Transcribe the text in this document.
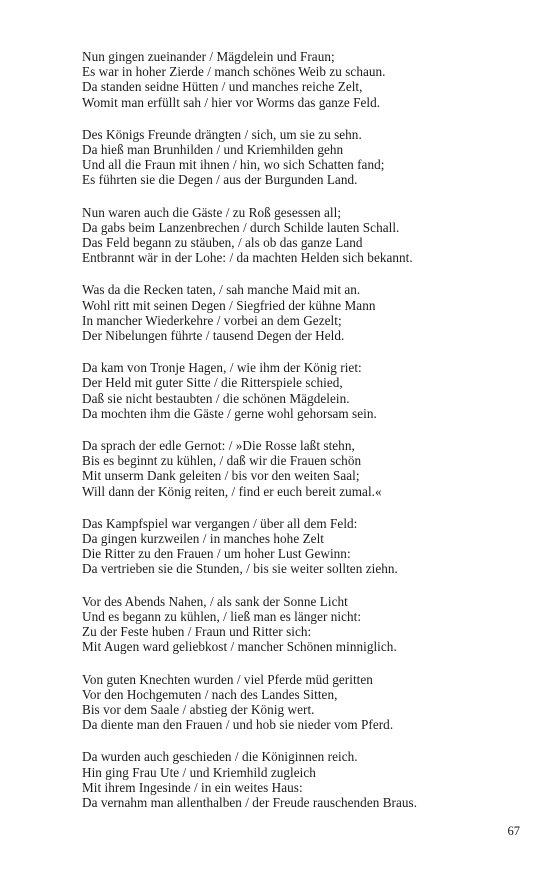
Nun gingen zueinander / Mägdelein und Fraun;
Es war in hoher Zierde / manch schönes Weib zu schaun.
Da standen seidne Hütten / und manches reiche Zelt,
Womit man erfüllt sah / hier vor Worms das ganze Feld.
Des Königs Freunde drängten / sich, um sie zu sehn.
Da hieß man Brunhilden / und Kriemhilden gehn
Und all die Fraun mit ihnen / hin, wo sich Schatten fand;
Es führten sie die Degen / aus der Burgunden Land.
Nun waren auch die Gäste / zu Roß gesessen all;
Da gabs beim Lanzenbrechen / durch Schilde lauten Schall.
Das Feld begann zu stäuben, / als ob das ganze Land
Entbrannt wär in der Lohe: / da machten Helden sich bekannt.
Was da die Recken taten, / sah manche Maid mit an.
Wohl ritt mit seinen Degen / Siegfried der kühne Mann
In mancher Wiederkehre / vorbei an dem Gezelt;
Der Nibelungen führte / tausend Degen der Held.
Da kam von Tronje Hagen, / wie ihm der König riet:
Der Held mit guter Sitte / die Ritterspiele schied,
Daß sie nicht bestaubten / die schönen Mägdelein.
Da mochten ihm die Gäste / gerne wohl gehorsam sein.
Da sprach der edle Gernot: / »Die Rosse laßt stehn,
Bis es beginnt zu kühlen, / daß wir die Frauen schön
Mit unserm Dank geleiten / bis vor den weiten Saal;
Will dann der König reiten, / find er euch bereit zumal.«
Das Kampfspiel war vergangen / über all dem Feld:
Da gingen kurzweilen / in manches hohe Zelt
Die Ritter zu den Frauen / um hoher Lust Gewinn:
Da vertrieben sie die Stunden, / bis sie weiter sollten ziehn.
Vor des Abends Nahen, / als sank der Sonne Licht
Und es begann zu kühlen, / ließ man es länger nicht:
Zu der Feste huben / Fraun und Ritter sich:
Mit Augen ward geliebkost / mancher Schönen minniglich.
Von guten Knechten wurden / viel Pferde müd geritten
Vor den Hochgemuten / nach des Landes Sitten,
Bis vor dem Saale / abstieg der König wert.
Da diente man den Frauen / und hob sie nieder vom Pferd.
Da wurden auch geschieden / die Königinnen reich.
Hin ging Frau Ute / und Kriemhild zugleich
Mit ihrem Ingesinde / in ein weites Haus:
Da vernahm man allenthalben / der Freude rauschenden Braus.
67
